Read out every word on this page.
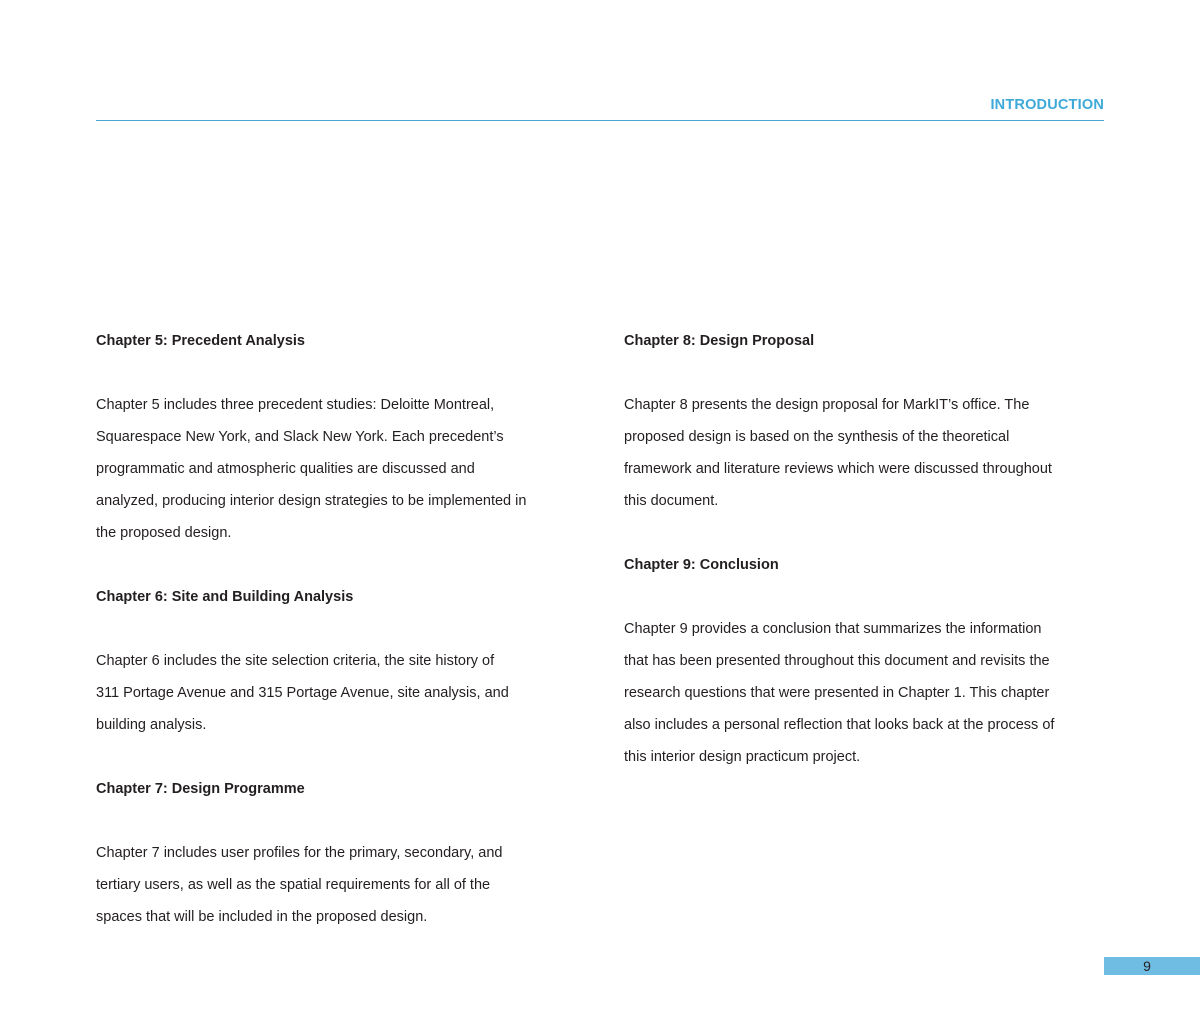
INTRODUCTION
Chapter 5: Precedent Analysis

Chapter 5 includes three precedent studies: Deloitte Montreal,
Squarespace New York, and Slack New York. Each precedent’s
programmatic and atmospheric qualities are discussed and
analyzed, producing interior design strategies to be implemented in
the proposed design.

Chapter 6: Site and Building Analysis

Chapter 6 includes the site selection criteria, the site history of
311 Portage Avenue and 315 Portage Avenue, site analysis, and
building analysis.

Chapter 7: Design Programme

Chapter 7 includes user profiles for the primary, secondary, and
tertiary users, as well as the spatial requirements for all of the
spaces that will be included in the proposed design.

Chapter 8: Design Proposal

Chapter 8 presents the design proposal for MarkIT’s office. The
proposed design is based on the synthesis of the theoretical
framework and literature reviews which were discussed throughout
this document.

Chapter 9: Conclusion

Chapter 9 provides a conclusion that summarizes the information
that has been presented throughout this document and revisits the
research questions that were presented in Chapter 1. This chapter
also includes a personal reflection that looks back at the process of
this interior design practicum project.

9
